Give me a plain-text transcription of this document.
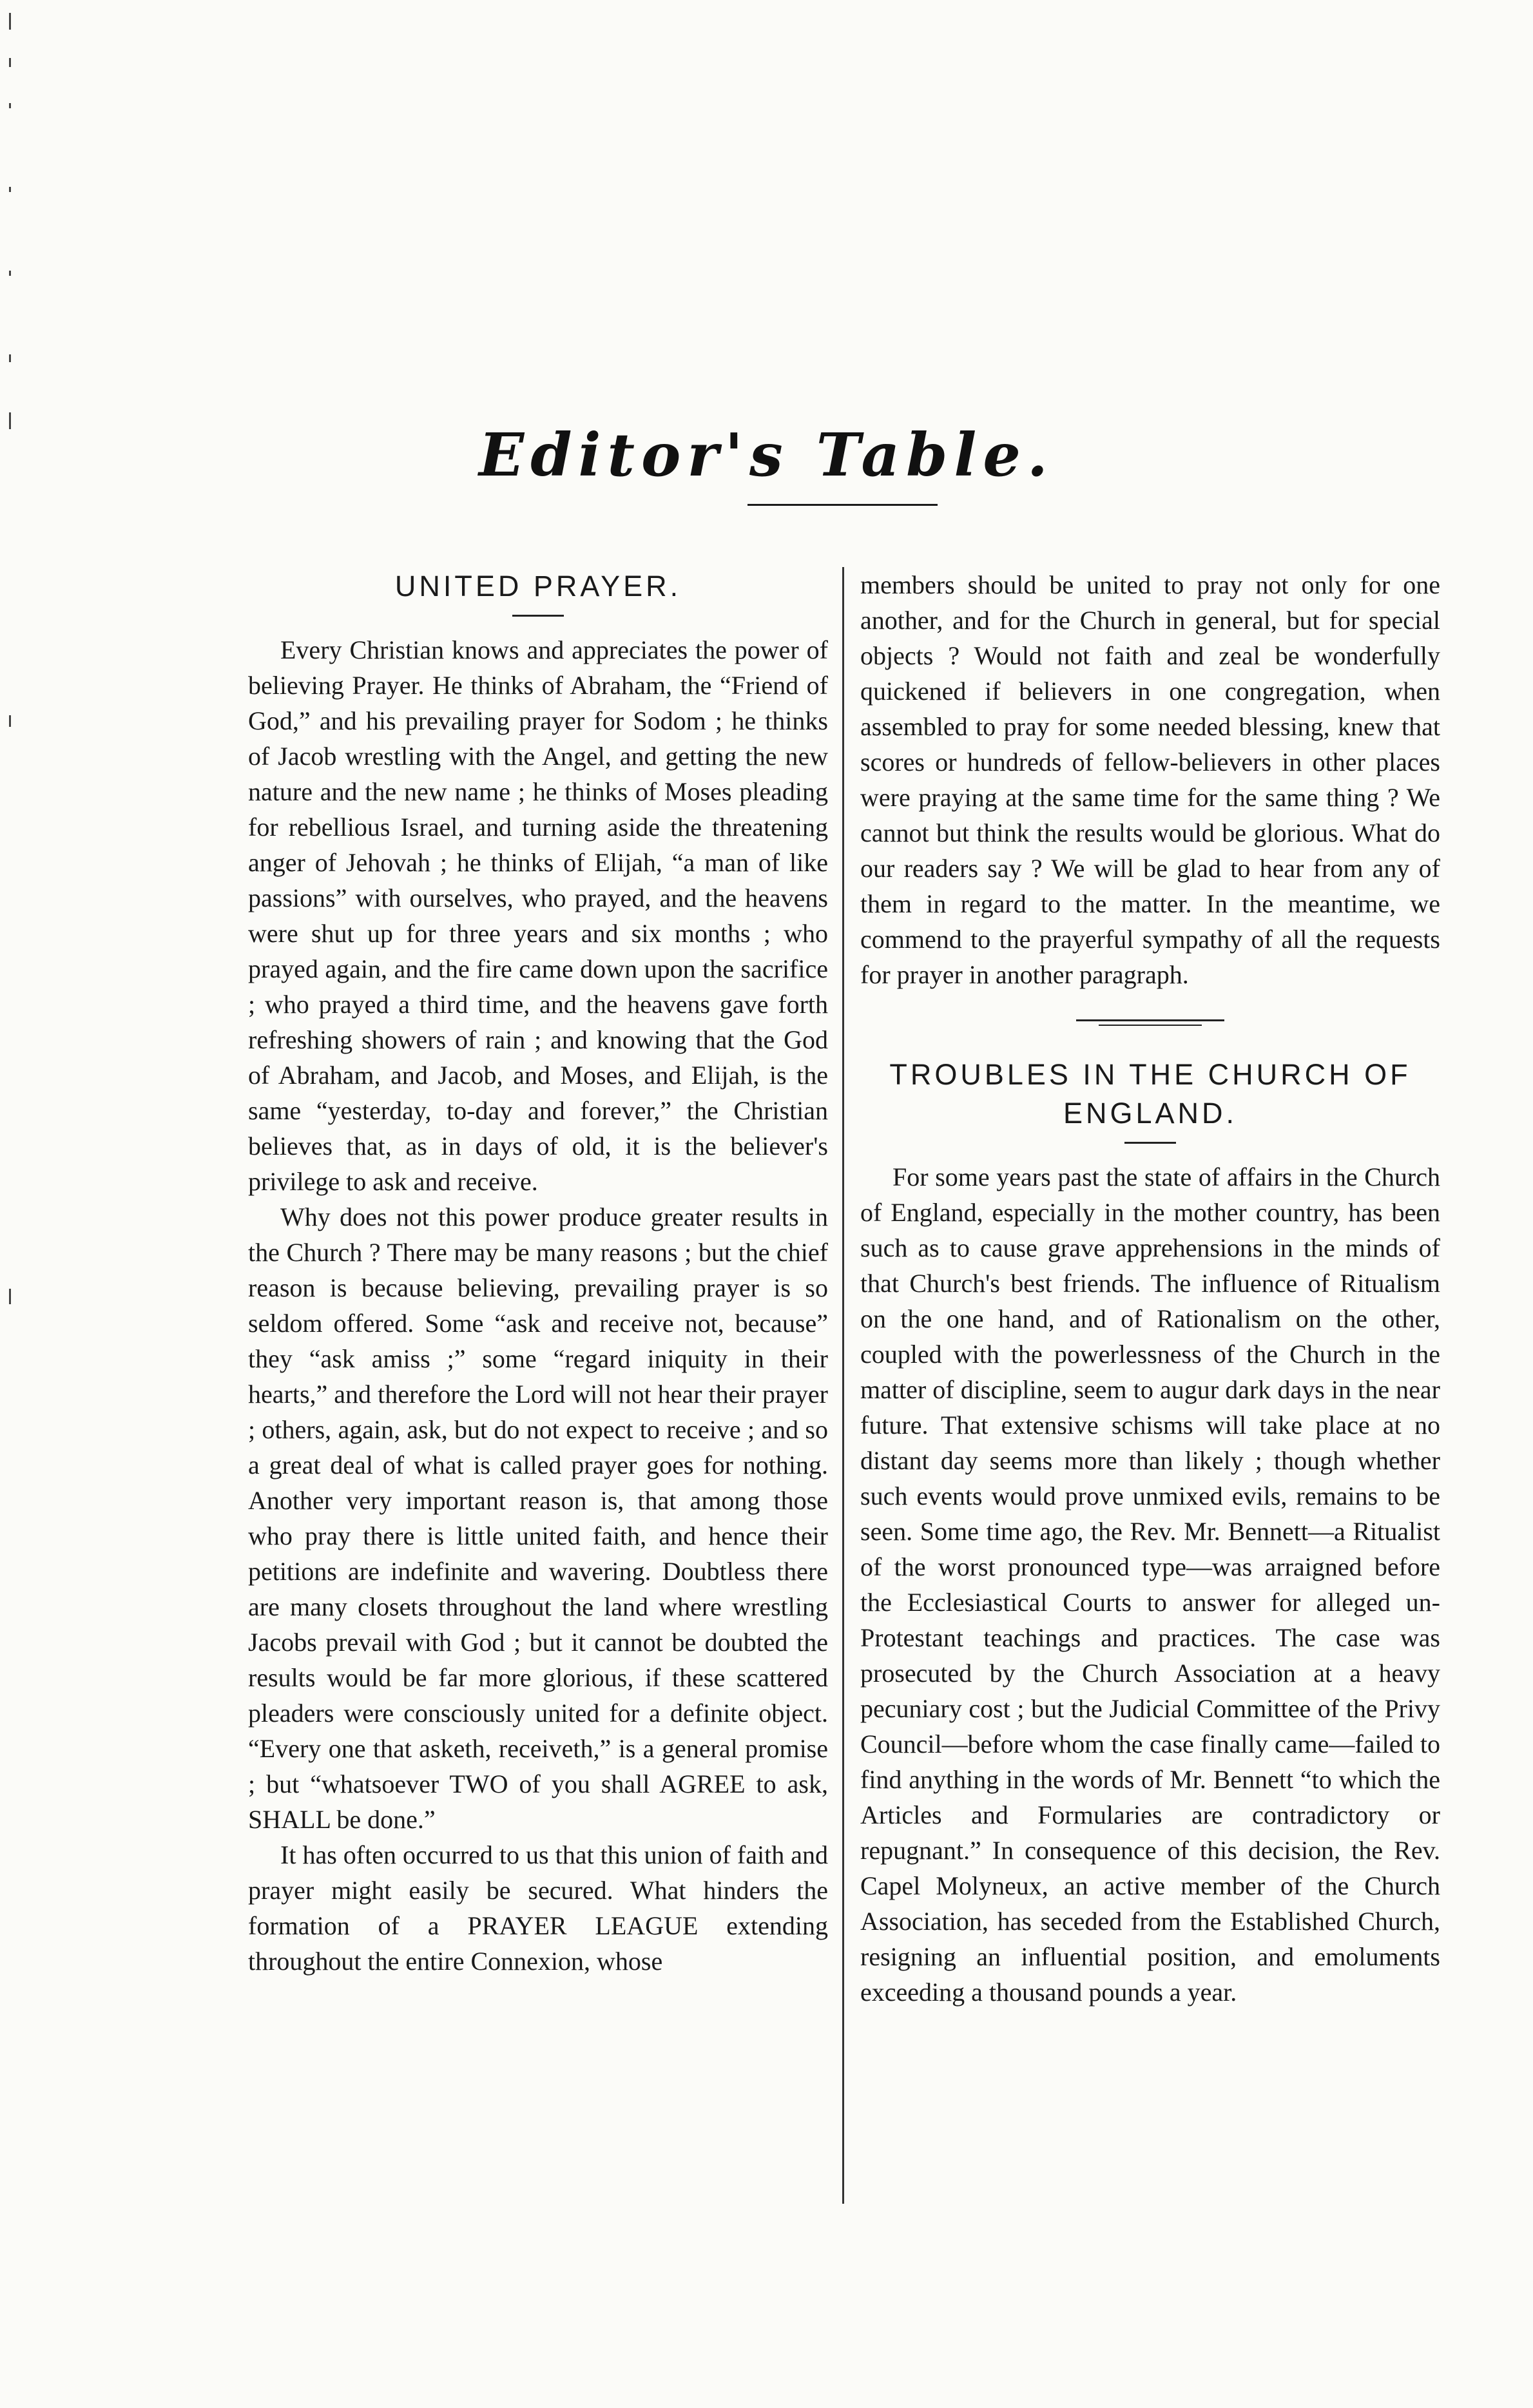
Editor's Table.
UNITED PRAYER.

Every Christian knows and appreciates the power of believing Prayer. He thinks of Abraham, the “Friend of God,” and his prevailing prayer for Sodom ; he thinks of Jacob wrestling with the Angel, and getting the new nature and the new name ; he thinks of Moses pleading for rebellious Israel, and turning aside the threatening anger of Jehovah ; he thinks of Elijah, “a man of like passions” with ourselves, who prayed, and the heavens were shut up for three years and six months ; who prayed again, and the fire came down upon the sacrifice ; who prayed a third time, and the heavens gave forth refreshing showers of rain ; and knowing that the God of Abraham, and Jacob, and Moses, and Elijah, is the same “yesterday, to-day and forever,” the Christian believes that, as in days of old, it is the believer's privilege to ask and receive.

Why does not this power produce greater results in the Church ? There may be many reasons ; but the chief reason is because believing, prevailing prayer is so seldom offered. Some “ask and receive not, because” they “ask amiss ;” some “regard iniquity in their hearts,” and therefore the Lord will not hear their prayer ; others, again, ask, but do not expect to receive ; and so a great deal of what is called prayer goes for nothing. Another very important reason is, that among those who pray there is little united faith, and hence their petitions are indefinite and wavering. Doubtless there are many closets throughout the land where wrestling Jacobs prevail with God ; but it cannot be doubted the results would be far more glorious, if these scattered pleaders were consciously united for a definite object. “Every one that asketh, receiveth,” is a general promise ; but “whatsoever TWO of you shall AGREE to ask, SHALL be done.”

It has often occurred to us that this union of faith and prayer might easily be secured. What hinders the formation of a PRAYER LEAGUE extending throughout the entire Connexion, whose

members should be united to pray not only for one another, and for the Church in general, but for special objects ? Would not faith and zeal be wonderfully quickened if believers in one congregation, when assembled to pray for some needed blessing, knew that scores or hundreds of fellow-believers in other places were praying at the same time for the same thing ? We cannot but think the results would be glorious. What do our readers say ? We will be glad to hear from any of them in regard to the matter. In the meantime, we commend to the prayerful sympathy of all the requests for prayer in another paragraph.

TROUBLES IN THE CHURCH OF ENGLAND.

For some years past the state of affairs in the Church of England, especially in the mother country, has been such as to cause grave apprehensions in the minds of that Church's best friends. The influence of Ritualism on the one hand, and of Rationalism on the other, coupled with the powerlessness of the Church in the matter of discipline, seem to augur dark days in the near future. That extensive schisms will take place at no distant day seems more than likely ; though whether such events would prove unmixed evils, remains to be seen. Some time ago, the Rev. Mr. Bennett—a Ritualist of the worst pronounced type—was arraigned before the Ecclesiastical Courts to answer for alleged un-Protestant teachings and practices. The case was prosecuted by the Church Association at a heavy pecuniary cost ; but the Judicial Committee of the Privy Council—before whom the case finally came—failed to find anything in the words of Mr. Bennett “to which the Articles and Formularies are contradictory or repugnant.” In consequence of this decision, the Rev. Capel Molyneux, an active member of the Church Association, has seceded from the Established Church, resigning an influential position, and emoluments exceeding a thousand pounds a year.
